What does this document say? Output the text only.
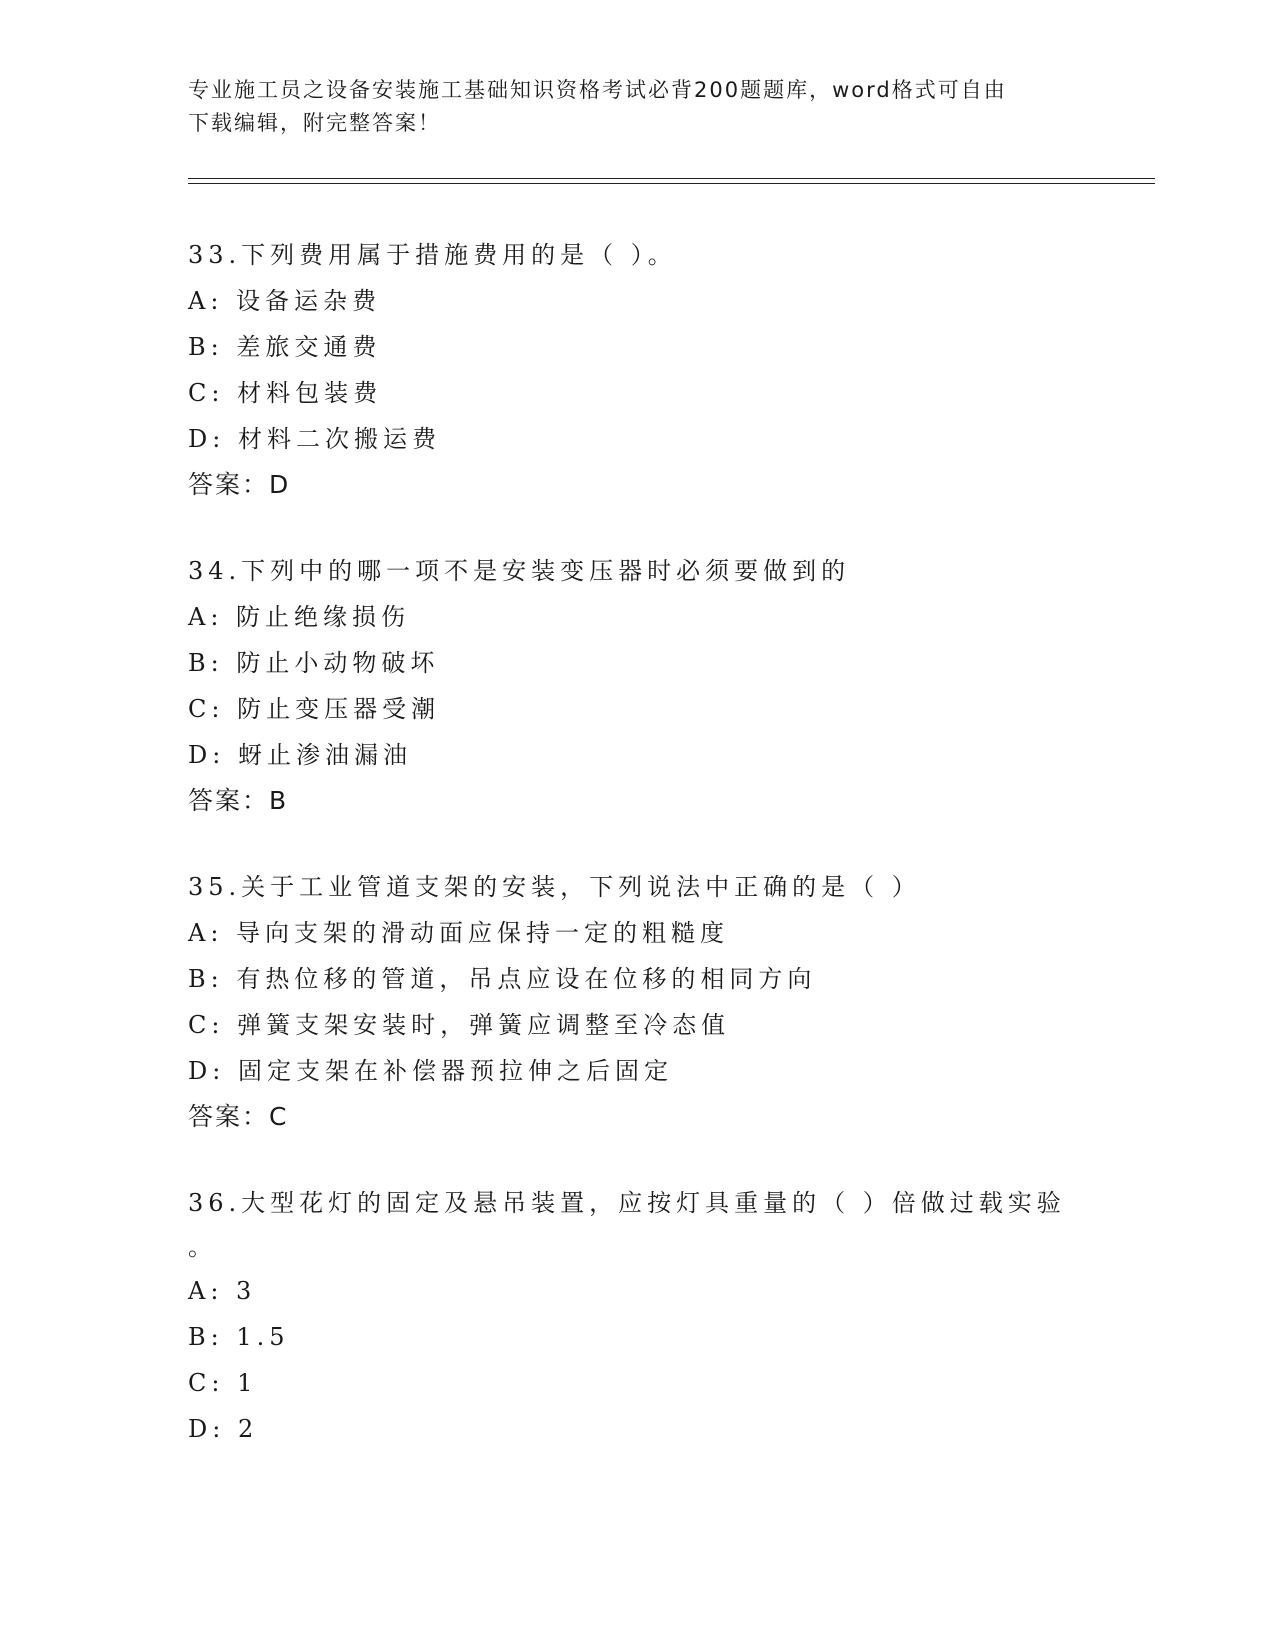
专业施工员之设备安装施工基础知识资格考试必背200题题库，word格式可自由
下载编辑，附完整答案！
33.下列费用属于措施费用的是（ ）。
A: 设备运杂费
B: 差旅交通费
C: 材料包装费
D: 材料二次搬运费
答案：D
34.下列中的哪一项不是安装变压器时必须要做到的
A: 防止绝缘损伤
B: 防止小动物破坏
C: 防止变压器受潮
D: 蚜止渗油漏油
答案：B
35.关于工业管道支架的安装，下列说法中正确的是（ ）
A: 导向支架的滑动面应保持一定的粗糙度
B: 有热位移的管道，吊点应设在位移的相同方向
C: 弹簧支架安装时，弹簧应调整至冷态值
D: 固定支架在补偿器预拉伸之后固定
答案：C
36.大型花灯的固定及悬吊装置，应按灯具重量的（ ）倍做过载实验
。
A: 3
B: 1.5
C: 1
D: 2
